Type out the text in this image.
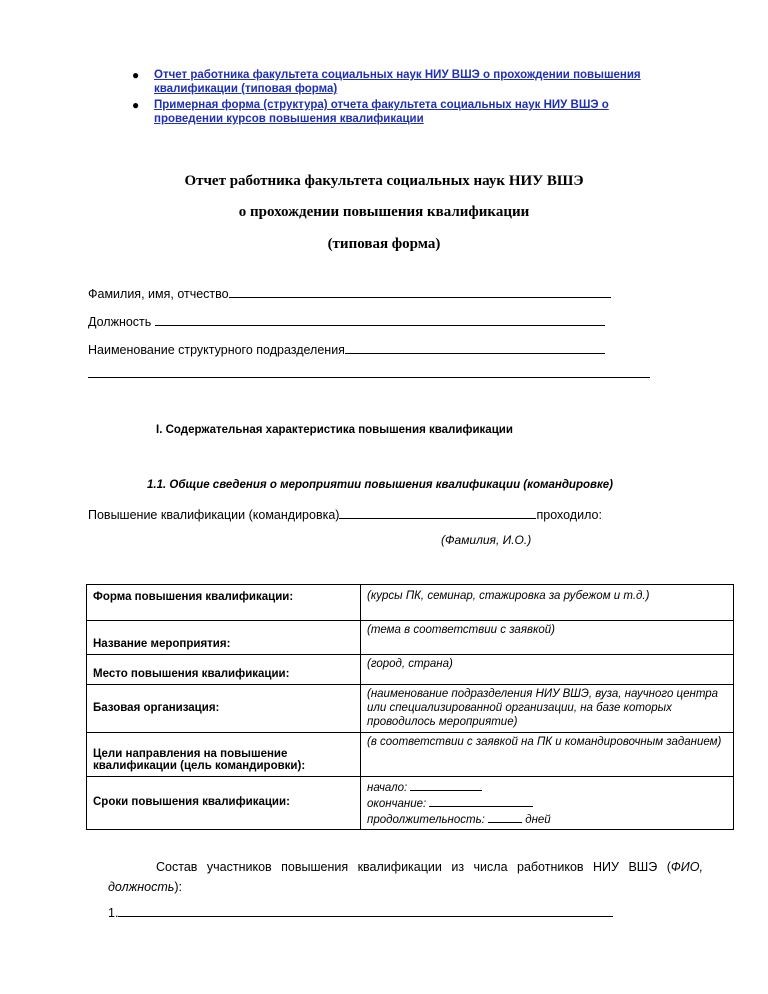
● Отчет работника факультета социальных наук НИУ ВШЭ о прохождении повышения квалификации (типовая форма)
● Примерная форма (структура) отчета факультета социальных наук НИУ ВШЭ о проведении курсов повышения квалификации
Отчет работника факультета социальных наук НИУ ВШЭ
о прохождении повышения квалификации
(типовая форма)
Фамилия, имя, отчество
Должность
Наименование структурного подразделения
I. Содержательная характеристика повышения квалификации
1.1. Общие сведения о мероприятии повышения квалификации (командировке)
Повышение квалификации (командировка)	проходило:
(Фамилия, И.О.)
Форма повышения квалификации:	(курсы ПК, семинар, стажировка за рубежом и т.д.)
Название мероприятия:	(тема в соответствии с заявкой)
Место повышения квалификации:	(город, страна)
Базовая организация:	(наименование подразделения НИУ ВШЭ, вуза, научного центра или специализированной организации, на базе которых проводилось мероприятие)
Цели направления на повышение квалификации (цель командировки):	(в соответствии с заявкой на ПК и командировочным заданием)
Сроки повышения квалификации:	начало:
окончание:
продолжительность: дней
Состав участников повышения квалификации из числа работников НИУ ВШЭ (ФИО, должность):
1.
